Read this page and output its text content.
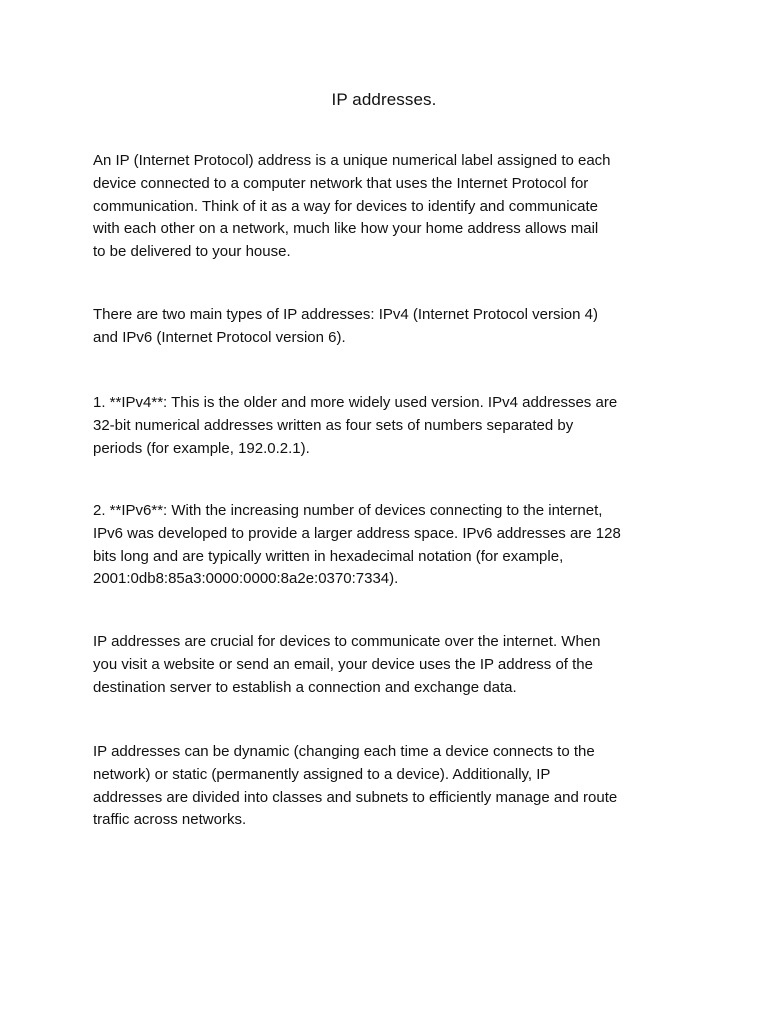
IP addresses.

An IP (Internet Protocol) address is a unique numerical label assigned to each
device connected to a computer network that uses the Internet Protocol for
communication. Think of it as a way for devices to identify and communicate
with each other on a network, much like how your home address allows mail
to be delivered to your house.

There are two main types of IP addresses: IPv4 (Internet Protocol version 4)
and IPv6 (Internet Protocol version 6).

1. **IPv4**: This is the older and more widely used version. IPv4 addresses are
32-bit numerical addresses written as four sets of numbers separated by
periods (for example, 192.0.2.1).

2. **IPv6**: With the increasing number of devices connecting to the internet,
IPv6 was developed to provide a larger address space. IPv6 addresses are 128
bits long and are typically written in hexadecimal notation (for example,
2001:0db8:85a3:0000:0000:8a2e:0370:7334).

IP addresses are crucial for devices to communicate over the internet. When
you visit a website or send an email, your device uses the IP address of the
destination server to establish a connection and exchange data.

IP addresses can be dynamic (changing each time a device connects to the
network) or static (permanently assigned to a device). Additionally, IP
addresses are divided into classes and subnets to efficiently manage and route
traffic across networks.
